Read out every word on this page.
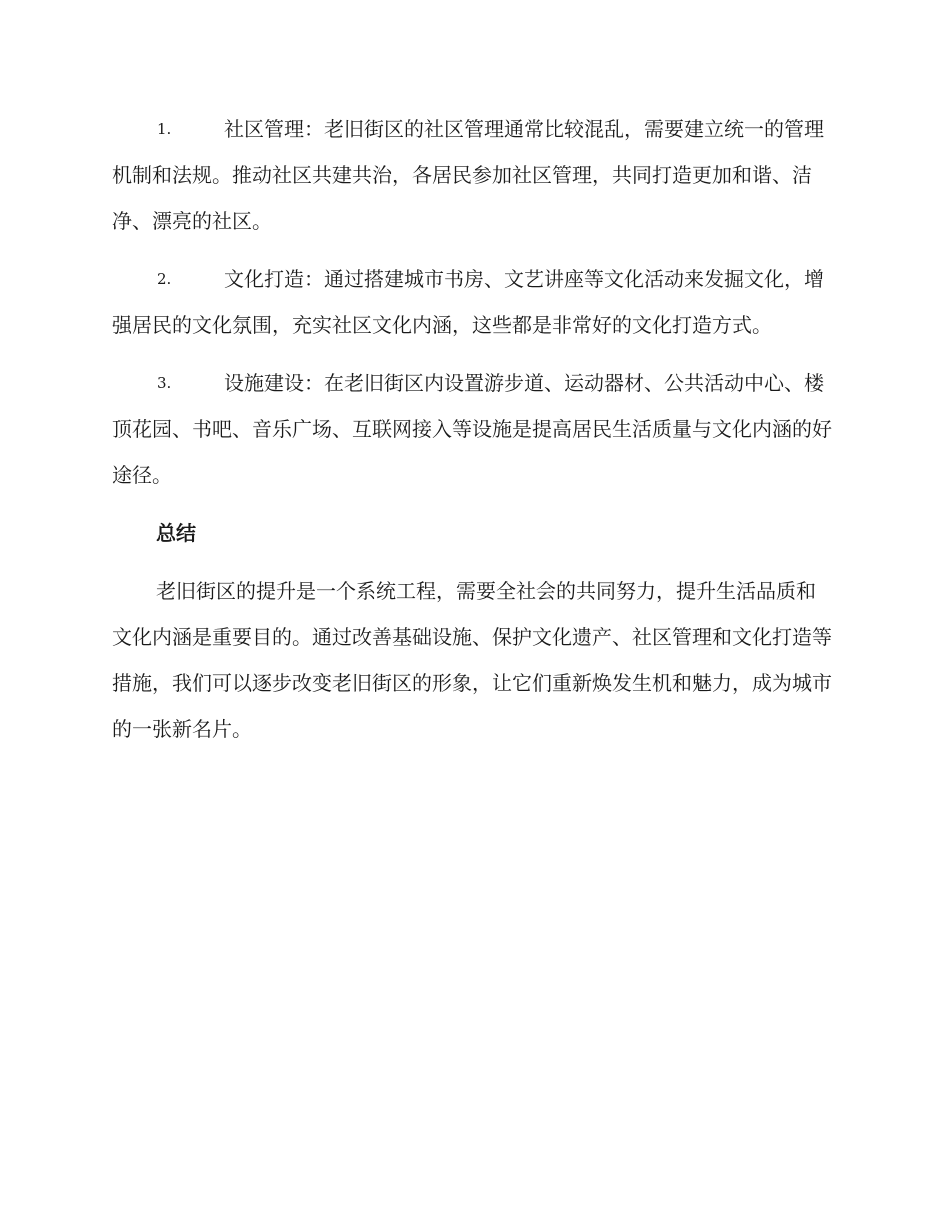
1.	社区管理：老旧街区的社区管理通常比较混乱，需要建立统一的管理机制和法规。推动社区共建共治，各居民参加社区管理，共同打造更加和谐、洁净、漂亮的社区。
2.	文化打造：通过搭建城市书房、文艺讲座等文化活动来发掘文化，增强居民的文化氛围，充实社区文化内涵，这些都是非常好的文化打造方式。
3.	设施建设：在老旧街区内设置游步道、运动器材、公共活动中心、楼顶花园、书吧、音乐广场、互联网接入等设施是提高居民生活质量与文化内涵的好途径。
总结

老旧街区的提升是一个系统工程，需要全社会的共同努力，提升生活品质和文化内涵是重要目的。通过改善基础设施、保护文化遗产、社区管理和文化打造等措施，我们可以逐步改变老旧街区的形象，让它们重新焕发生机和魅力，成为城市的一张新名片。
